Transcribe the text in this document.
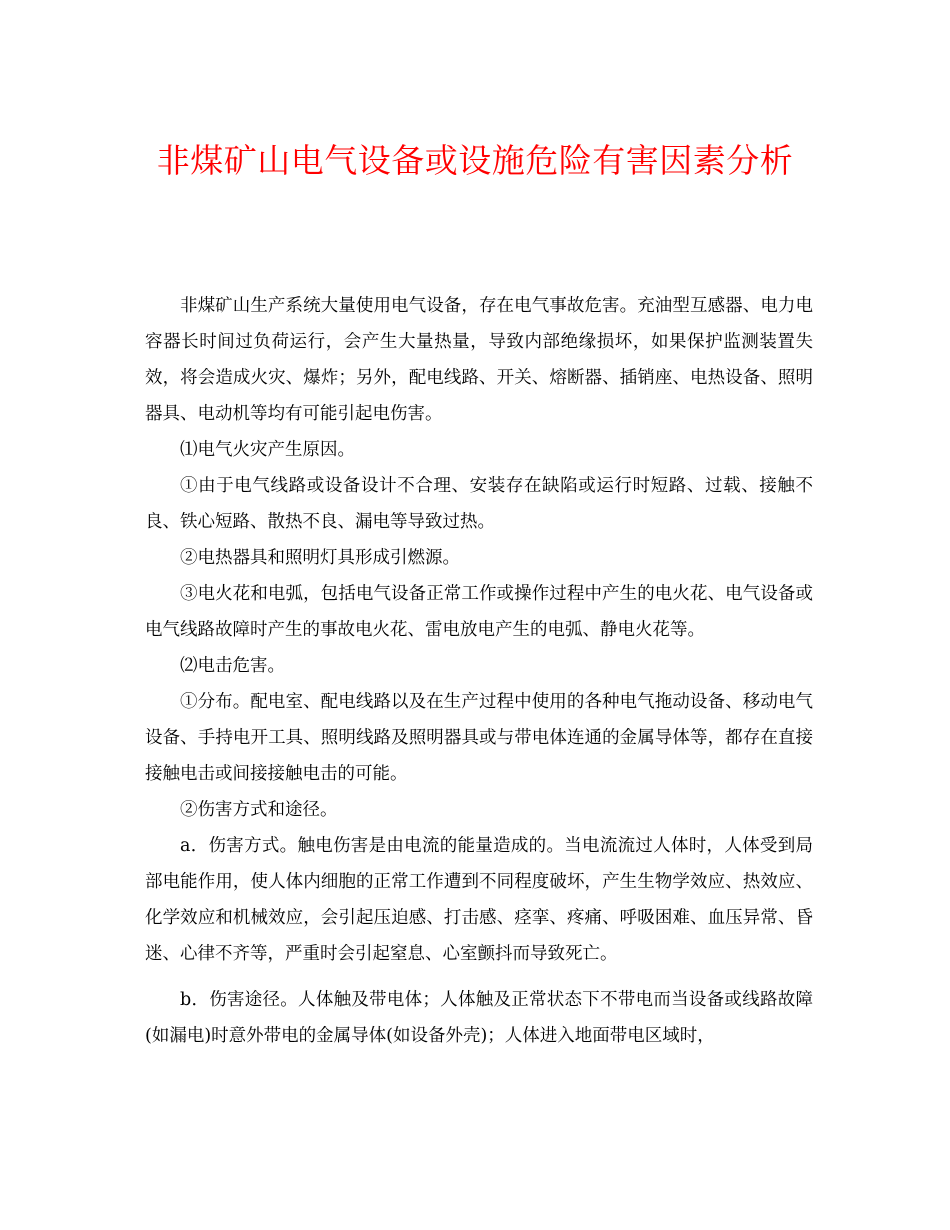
非煤矿山电气设备或设施危险有害因素分析

非煤矿山生产系统大量使用电气设备，存在电气事故危害。充油型互感器、电力电容器长时间过负荷运行，会产生大量热量，导致内部绝缘损坏，如果保护监测装置失效，将会造成火灾、爆炸；另外，配电线路、开关、熔断器、插销座、电热设备、照明器具、电动机等均有可能引起电伤害。

⑴电气火灾产生原因。

①由于电气线路或设备设计不合理、安装存在缺陷或运行时短路、过载、接触不良、铁心短路、散热不良、漏电等导致过热。

②电热器具和照明灯具形成引燃源。

③电火花和电弧，包括电气设备正常工作或操作过程中产生的电火花、电气设备或电气线路故障时产生的事故电火花、雷电放电产生的电弧、静电火花等。

⑵电击危害。

①分布。配电室、配电线路以及在生产过程中使用的各种电气拖动设备、移动电气设备、手持电开工具、照明线路及照明器具或与带电体连通的金属导体等，都存在直接接触电击或间接接触电击的可能。

②伤害方式和途径。

a．伤害方式。触电伤害是由电流的能量造成的。当电流流过人体时，人体受到局部电能作用，使人体内细胞的正常工作遭到不同程度破坏，产生生物学效应、热效应、化学效应和机械效应，会引起压迫感、打击感、痉挛、疼痛、呼吸困难、血压异常、昏迷、心律不齐等，严重时会引起窒息、心室颤抖而导致死亡。

b．伤害途径。人体触及带电体；人体触及正常状态下不带电而当设备或线路故障(如漏电)时意外带电的金属导体(如设备外壳)；人体进入地面带电区域时，
